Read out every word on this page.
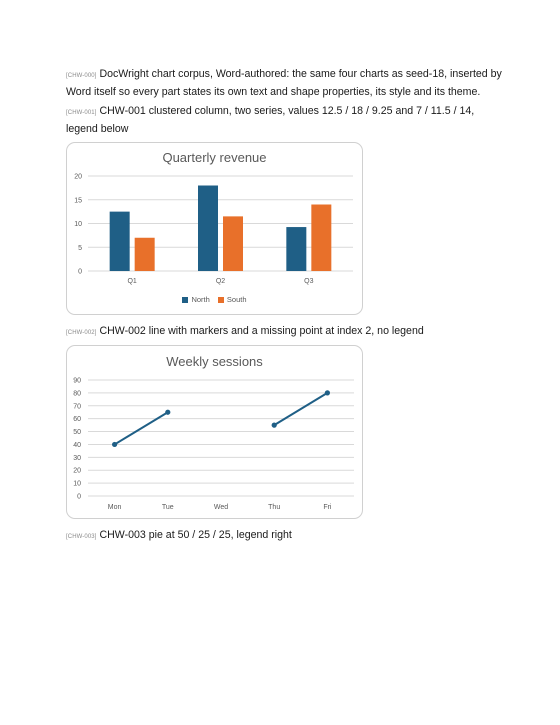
[CHW-000] DocWright chart corpus, Word-authored: the same four charts as seed-18, inserted by Word itself so every part states its own text and shape properties, its style and its theme.
[CHW-001] CHW-001 clustered column, two series, values 12.5 / 18 / 9.25 and 7 / 11.5 / 14, legend below
Quarterly revenue
0
5
10
15
20
Q1	Q2	Q3
North South
[CHW-002] CHW-002 line with markers and a missing point at index 2, no legend
Weekly sessions
0
10
20
30
40
50
60
70
80
90
Mon	Tue	Wed	Thu	Fri
[CHW-003] CHW-003 pie at 50 / 25 / 25, legend right
